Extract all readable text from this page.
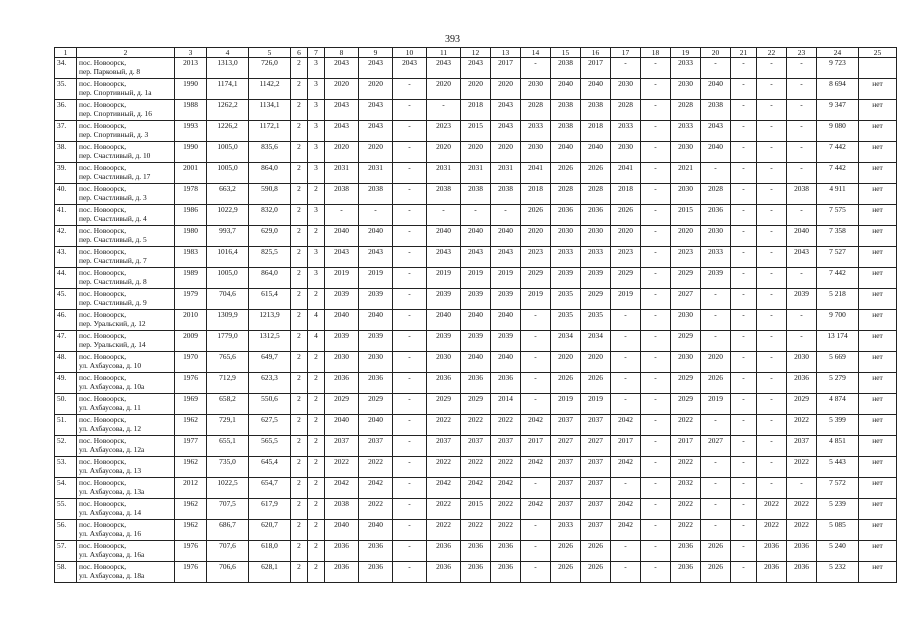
393
1	2	3	4	5	6	7	8	9	10	11	12	13	14	15	16	17	18	19	20	21	22	23	24	25
34.	пос. Новоорск,
пер. Парковый, д. 8	2013	1313,0	726,0	2	3	2043	2043	2043	2043	2043	2017	-	2038	2017	-	-	2033	-	-	-	-	9 723	
35.	пос. Новоорск,
пер. Спортивный, д. 1а	1990	1174,1	1142,2	2	3	2020	2020	-	2020	2020	2020	2030	2040	2040	2030	-	2030	2040	-	-	-	8 694	нет
36.	пос. Новоорск,
пер. Спортивный, д. 16	1988	1262,2	1134,1	2	3	2043	2043	-	-	2018	2043	2028	2038	2038	2028	-	2028	2038	-	-	-	9 347	нет
37.	пос. Новоорск,
пер. Спортивный, д. 3	1993	1226,2	1172,1	2	3	2043	2043	-	2023	2015	2043	2033	2038	2018	2033	-	2033	2043	-	-	-	9 080	нет
38.	пос. Новоорск,
пер. Счастливый, д. 10	1990	1005,0	835,6	2	3	2020	2020	-	2020	2020	2020	2030	2040	2040	2030	-	2030	2040	-	-	-	7 442	нет
39.	пос. Новоорск,
пер. Счастливый, д. 17	2001	1005,0	864,0	2	3	2031	2031	-	2031	2031	2031	2041	2026	2026	2041	-	2021	-	-	-	-	7 442	нет
40.	пос. Новоорск,
пер. Счастливый, д. 3	1978	663,2	590,8	2	2	2038	2038	-	2038	2038	2038	2018	2028	2028	2018	-	2030	2028	-	-	2038	4 911	нет
41.	пос. Новоорск,
пер. Счастливый, д. 4	1986	1022,9	832,0	2	3	-	-	-	-	-	-	2026	2036	2036	2026	-	2015	2036	-	-	-	7 575	нет
42.	пос. Новоорск,
пер. Счастливый, д. 5	1980	993,7	629,0	2	2	2040	2040	-	2040	2040	2040	2020	2030	2030	2020	-	2020	2030	-	-	2040	7 358	нет
43.	пос. Новоорск,
пер. Счастливый, д. 7	1983	1016,4	825,5	2	3	2043	2043	-	2043	2043	2043	2023	2033	2033	2023	-	2023	2033	-	-	2043	7 527	нет
44.	пос. Новоорск,
пер. Счастливый, д. 8	1989	1005,0	864,0	2	3	2019	2019	-	2019	2019	2019	2029	2039	2039	2029	-	2029	2039	-	-	-	7 442	нет
45.	пос. Новоорск,
пер. Счастливый, д. 9	1979	704,6	615,4	2	2	2039	2039	-	2039	2039	2039	2019	2035	2029	2019	-	2027	-	-	-	2039	5 218	нет
46.	пос. Новоорск,
пер. Уральский, д. 12	2010	1309,9	1213,9	2	4	2040	2040	-	2040	2040	2040	-	2035	2035	-	-	2030	-	-	-	-	9 700	нет
47.	пос. Новоорск,
пер. Уральский, д. 14	2009	1779,0	1312,5	2	4	2039	2039	-	2039	2039	2039	-	2034	2034	-	-	2029	-	-	-	-	13 174	нет
48.	пос. Новоорск,
ул. Ахбаусова, д. 10	1970	765,6	649,7	2	2	2030	2030	-	2030	2040	2040	-	2020	2020	-	-	2030	2020	-	-	2030	5 669	нет
49.	пос. Новоорск,
ул. Ахбаусова, д. 10а	1976	712,9	623,3	2	2	2036	2036	-	2036	2036	2036	-	2026	2026	-	-	2029	2026	-	-	2036	5 279	нет
50.	пос. Новоорск,
ул. Ахбаусова, д. 11	1969	658,2	550,6	2	2	2029	2029	-	2029	2029	2014	-	2019	2019	-	-	2029	2019	-	-	2029	4 874	нет
51.	пос. Новоорск,
ул. Ахбаусова, д. 12	1962	729,1	627,5	2	2	2040	2040	-	2022	2022	2022	2042	2037	2037	2042	-	2022	-	-	-	2022	5 399	нет
52.	пос. Новоорск,
ул. Ахбаусова, д. 12а	1977	655,1	565,5	2	2	2037	2037	-	2037	2037	2037	2017	2027	2027	2017	-	2017	2027	-	-	2037	4 851	нет
53.	пос. Новоорск,
ул. Ахбаусова, д. 13	1962	735,0	645,4	2	2	2022	2022	-	2022	2022	2022	2042	2037	2037	2042	-	2022	-	-	-	2022	5 443	нет
54.	пос. Новоорск,
ул. Ахбаусова, д. 13а	2012	1022,5	654,7	2	2	2042	2042	-	2042	2042	2042	-	2037	2037	-	-	2032	-	-	-	-	7 572	нет
55.	пос. Новоорск,
ул. Ахбаусова, д. 14	1962	707,5	617,9	2	2	2038	2022	-	2022	2015	2022	2042	2037	2037	2042	-	2022	-	-	2022	2022	5 239	нет
56.	пос. Новоорск,
ул. Ахбаусова, д. 16	1962	686,7	620,7	2	2	2040	2040	-	2022	2022	2022	-	2033	2037	2042	-	2022	-	-	2022	2022	5 085	нет
57.	пос. Новоорск,
ул. Ахбаусова, д. 16а	1976	707,6	618,0	2	2	2036	2036	-	2036	2036	2036	-	2026	2026	-	-	2036	2026	-	2036	2036	5 240	нет
58.	пос. Новоорск,
ул. Ахбаусова, д. 18а	1976	706,6	628,1	2	2	2036	2036	-	2036	2036	2036	-	2026	2026	-	-	2036	2026	-	2036	2036	5 232	нет
